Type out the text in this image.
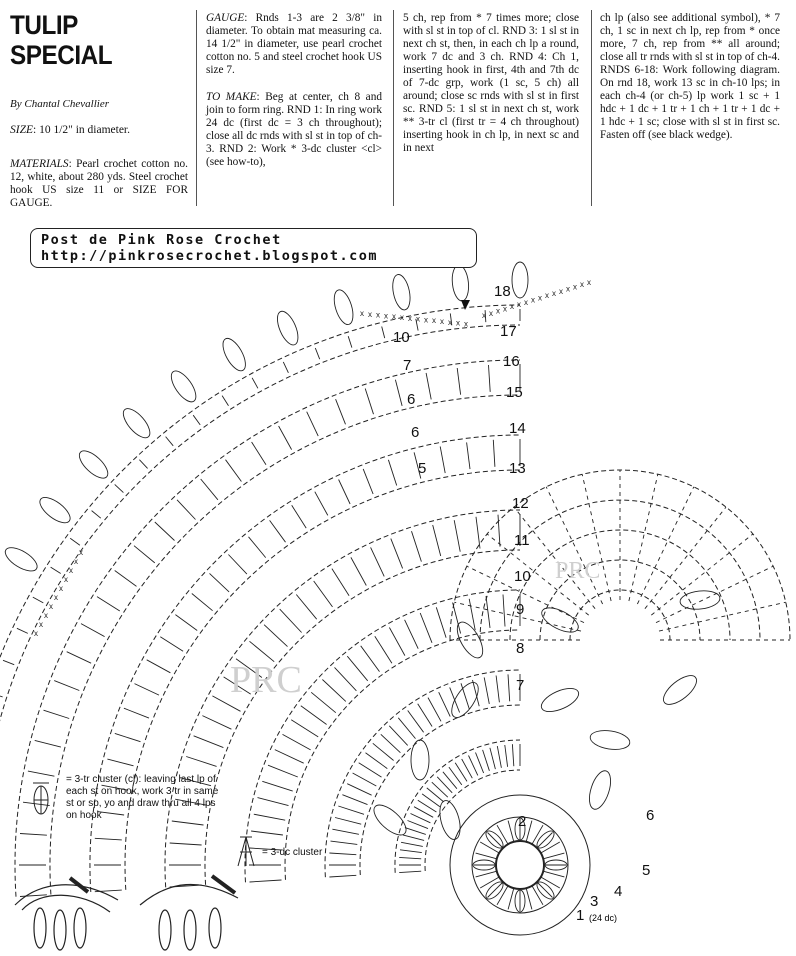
TULIP
SPECIAL
By Chantal Chevallier
SIZE: 10 1/2" in diameter.
MATERIALS: Pearl crochet cotton no. 12, white, about 280 yds. Steel crochet hook US size 11 or SIZE FOR GAUGE.
GAUGE: Rnds 1-3 are 2 3/8" in diameter. To obtain mat measuring ca. 14 1/2" in diameter, use pearl crochet cotton no. 5 and steel crochet hook US size 7.
TO MAKE: Beg at center, ch 8 and join to form ring. RND 1: In ring work 24 dc (first dc = 3 ch throughout); close all dc rnds with sl st in top of ch-3. RND 2: Work * 3-dc cluster <cl> (see how-to),
5 ch, rep from * 7 times more; close with sl st in top of cl. RND 3: 1 sl st in next ch st, then, in each ch lp a round, work 7 dc and 3 ch. RND 4: Ch 1, inserting hook in first, 4th and 7th dc of 7-dc grp, work (1 sc, 5 ch) all around; close sc rnds with sl st in first sc. RND 5: 1 sl st in next ch st, work ** 3-tr cl (first tr = 4 ch throughout) inserting hook in ch lp, in next sc and in next
ch lp (also see additional symbol), * 7 ch, 1 sc in next ch lp, rep from * once more, 7 ch, rep from ** all around; close all tr rnds with sl st in top of ch-4. RNDS 6-18: Work following diagram. On rnd 18, work 13 sc in ch-10 lps; in each ch-4 (or ch-5) lp work 1 sc + 1 hdc + 1 dc + 1 tr + 1 ch + 1 tr + 1 dc + 1 hdc + 1 sc; close with sl st in first sc. Fasten off (see black wedge).
x x x x x x x x x x x x x x
x x x x x x x x x x x x x x x x
x
x
x
x
x
x
x
x
x
x
PRC
PRC
18
17
16
15
14
13
12
11
10
9
8
7
10
7
6
6
5
6
5
4
3
2
1 (24 dc)
Post de Pink Rose Crochet
http://pinkrosecrochet.blogspot.com
= 3-tr cluster (cl): leaving last lp of each st on hook, work 3 tr in same st or sp, yo and draw thru all 4 lps on hook
= 3-dc cluster
